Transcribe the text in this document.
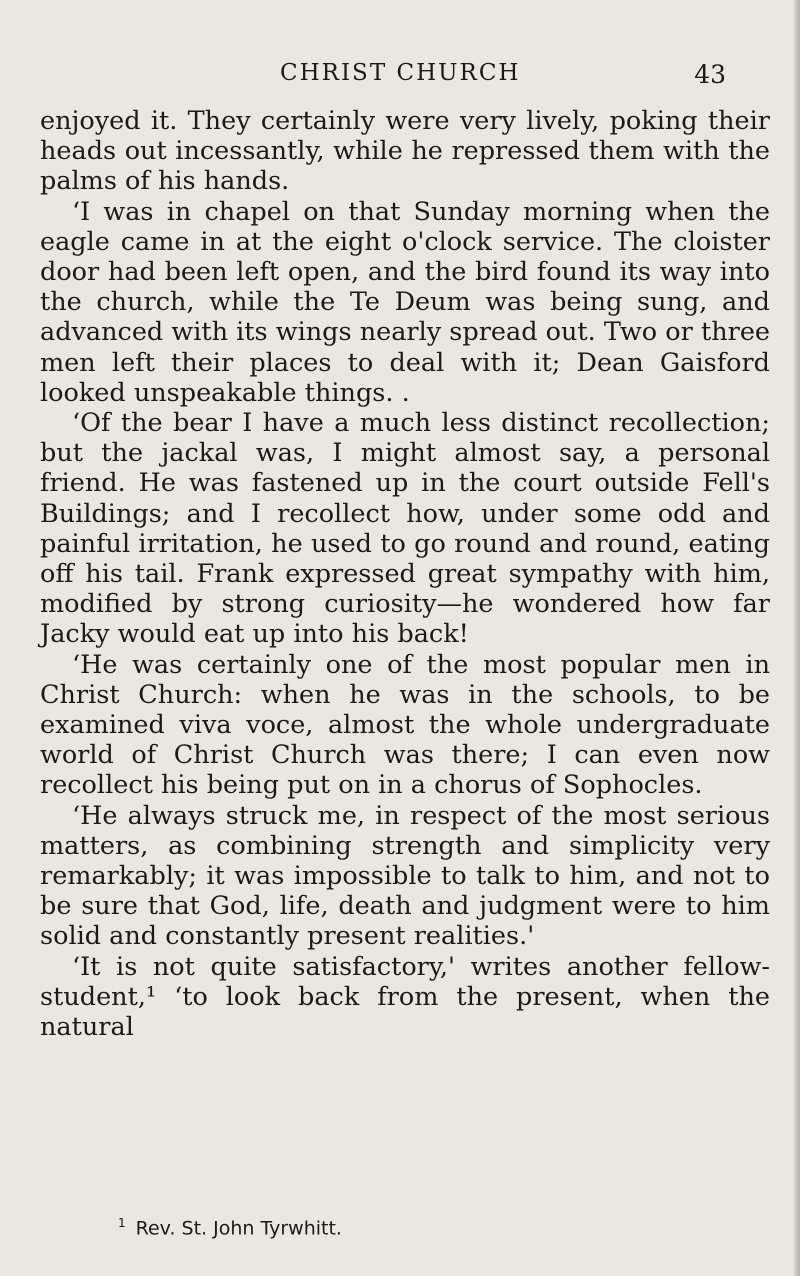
CHRIST CHURCH	43

enjoyed it. They certainly were very lively, poking their heads out incessantly, while he repressed them with the palms of his hands.

‘I was in chapel on that Sunday morning when the eagle came in at the eight o'clock service. The cloister door had been left open, and the bird found its way into the church, while the Te Deum was being sung, and advanced with its wings nearly spread out. Two or three men left their places to deal with it; Dean Gaisford looked unspeakable things. .

‘Of the bear I have a much less distinct recollection; but the jackal was, I might almost say, a personal friend. He was fastened up in the court outside Fell's Buildings; and I recollect how, under some odd and painful irritation, he used to go round and round, eating off his tail. Frank expressed great sympathy with him, modified by strong curiosity—he wondered how far Jacky would eat up into his back!

‘He was certainly one of the most popular men in Christ Church: when he was in the schools, to be examined viva voce, almost the whole undergraduate world of Christ Church was there; I can even now recollect his being put on in a chorus of Sophocles.

‘He always struck me, in respect of the most serious matters, as combining strength and simplicity very remarkably; it was impossible to talk to him, and not to be sure that God, life, death and judgment were to him solid and constantly present realities.'

‘It is not quite satisfactory,' writes another fellow-student,¹ ‘to look back from the present, when the natural

$^1$ Rev. St. John Tyrwhitt.
